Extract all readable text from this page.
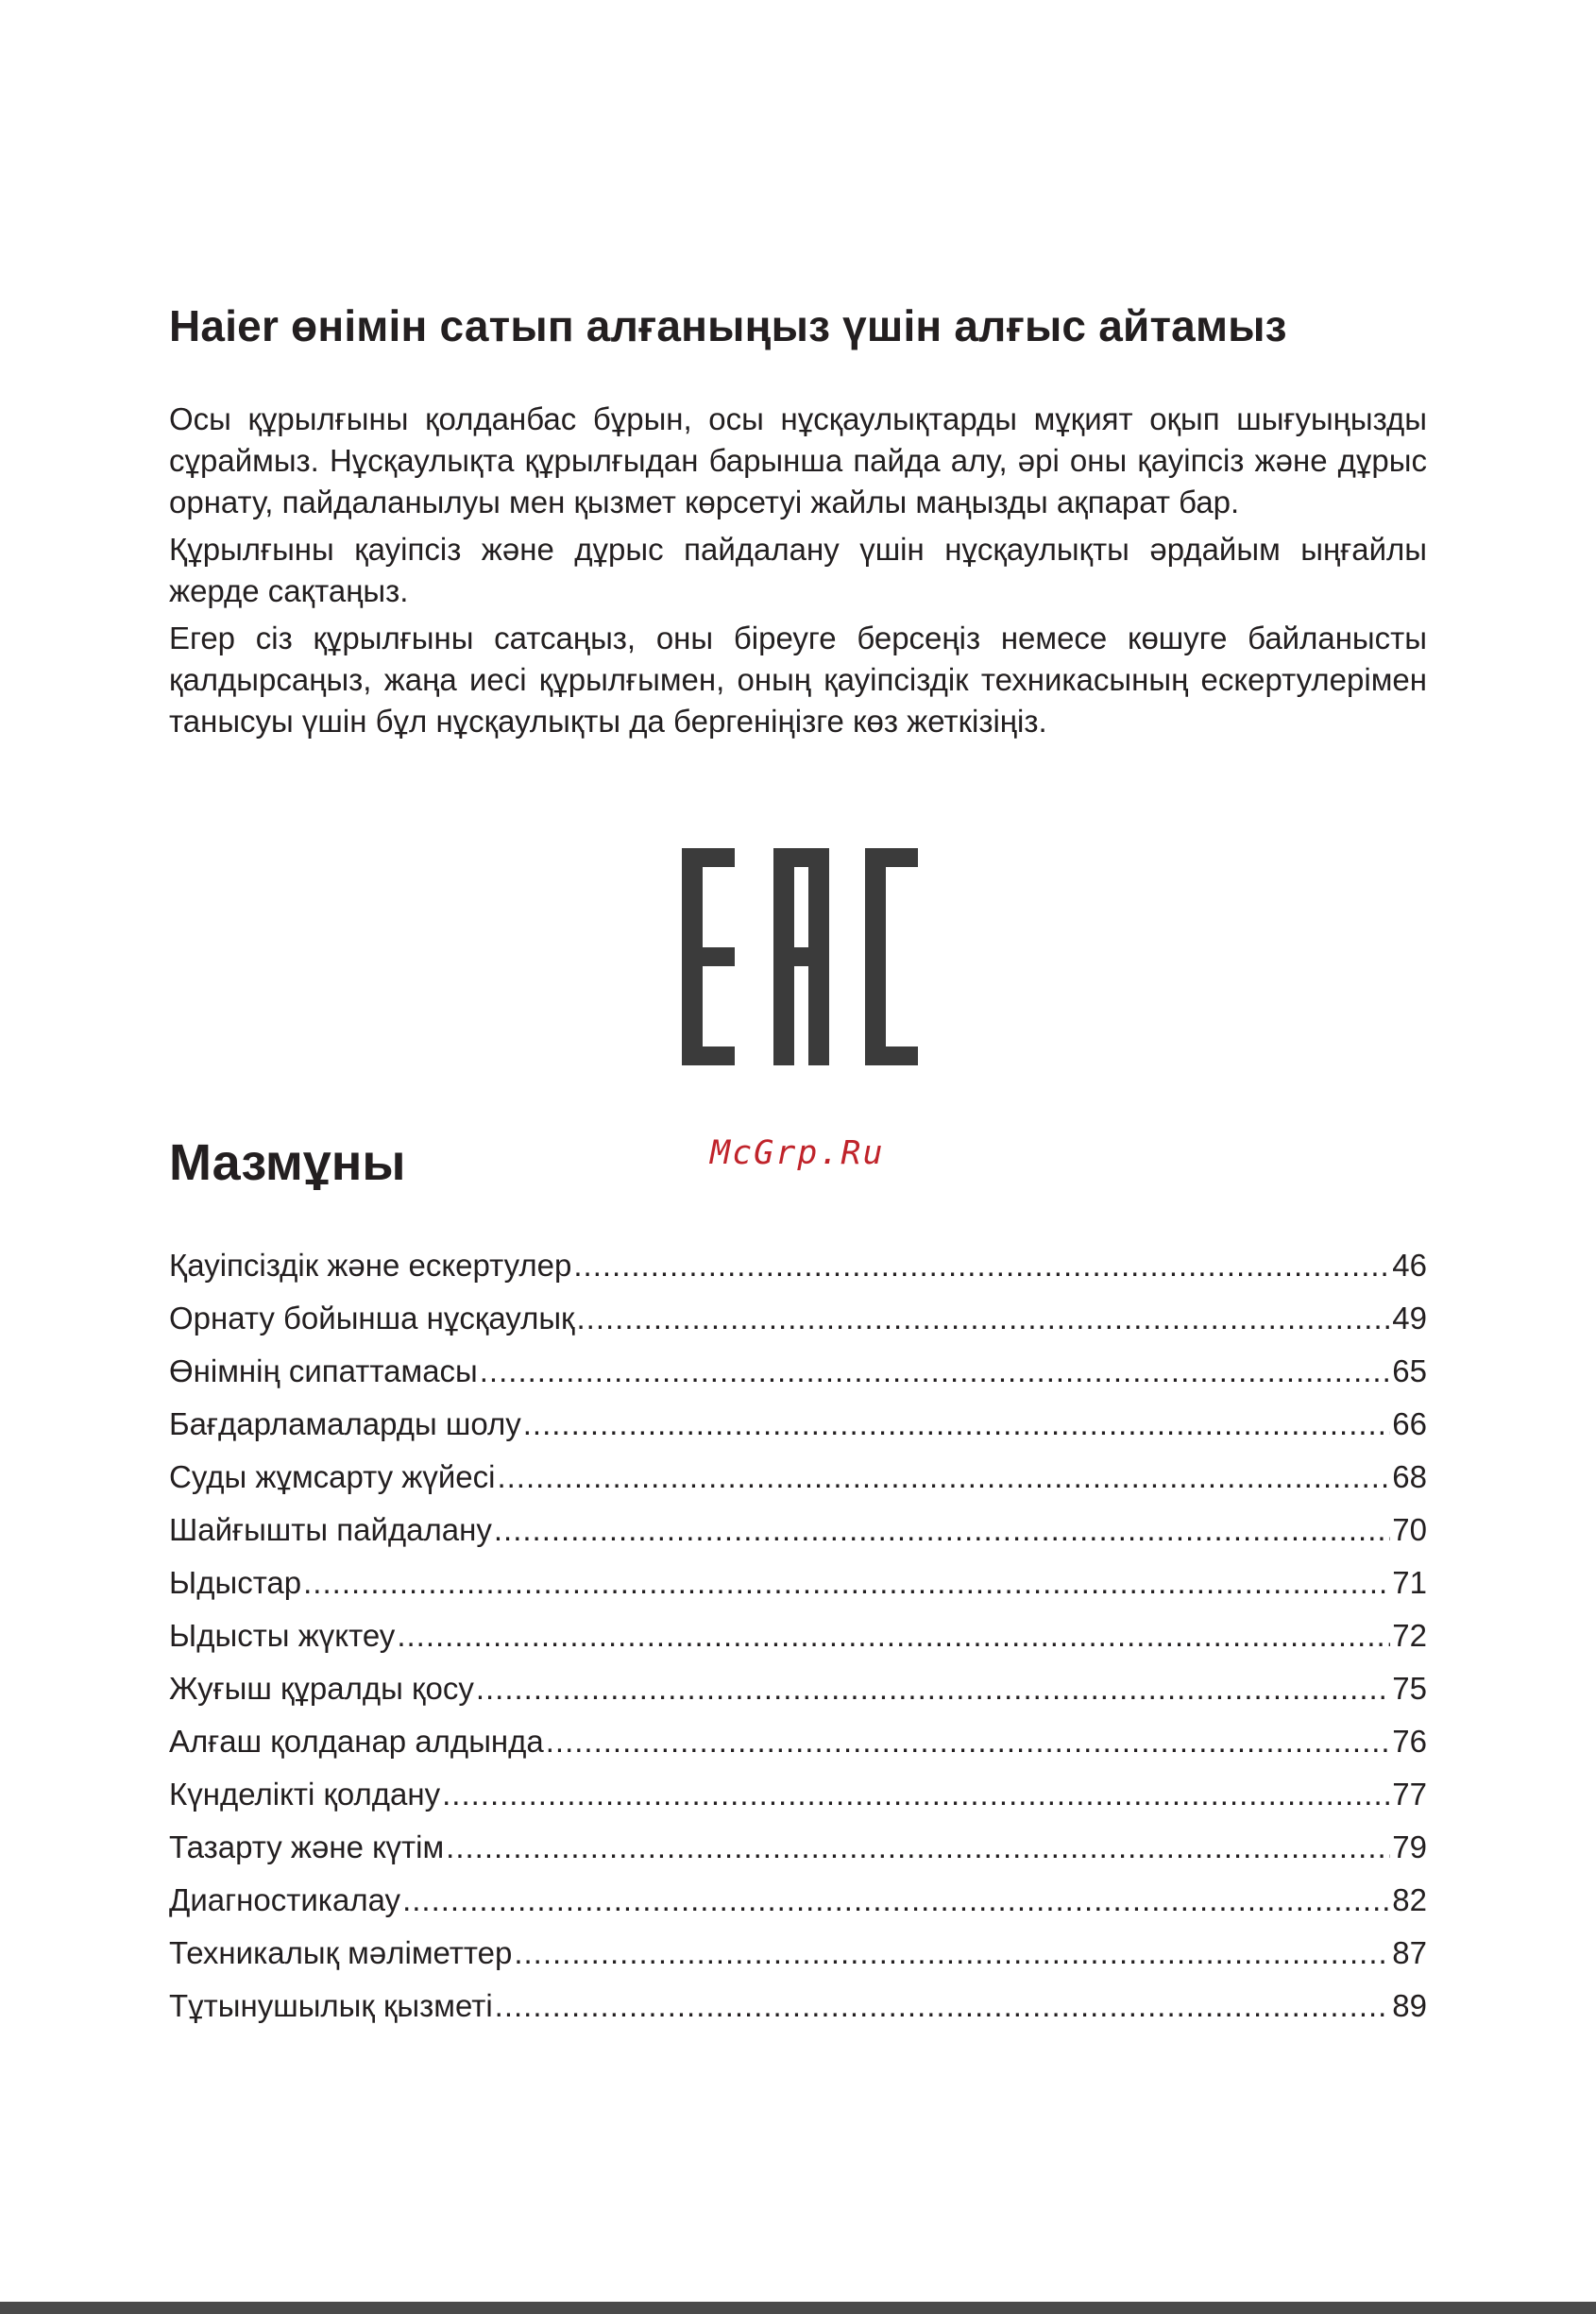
Haier өнімін сатып алғаныңыз үшін алғыс айтамыз

Осы құрылғыны қолданбас бұрын, осы нұсқаулықтарды мұқият оқып шығуыңызды сұраймыз. Нұсқаулықта құрылғыдан барынша пайда алу, әрі оны қауіпсіз және дұрыс орнату, пайдаланылуы мен қызмет көрсетуі жайлы маңызды ақпарат бар.

Құрылғыны қауіпсіз және дұрыс пайдалану үшін нұсқаулықты әрдайым ыңғайлы жерде сақтаңыз.

Егер сіз құрылғыны сатсаңыз, оны біреуге берсеңіз немесе көшуге байланысты қалдырсаңыз, жаңа иесі құрылғымен, оның қауіпсіздік техникасының ескертулерімен танысуы үшін бұл нұсқаулықты да бергеніңізге көз жеткізіңіз.

Мазмұны	McGrp.Ru
Қауіпсіздік және ескертулер .....	46
Орнату бойынша нұсқаулық .....	49
Өнімнің сипаттамасы .....	65
Бағдарламаларды шолу .....	66
Суды жұмсарту жүйесі .....	68
Шайғышты пайдалану .....	70
Ыдыстар .....	71
Ыдысты жүктеу .....	72
Жуғыш құралды қосу .....	75
Алғаш қолданар алдында .....	76
Күнделікті қолдану .....	77
Тазарту және күтім .....	79
Диагностикалау .....	82
Техникалық мәліметтер .....	87
Тұтынушылық қызметі .....	89
